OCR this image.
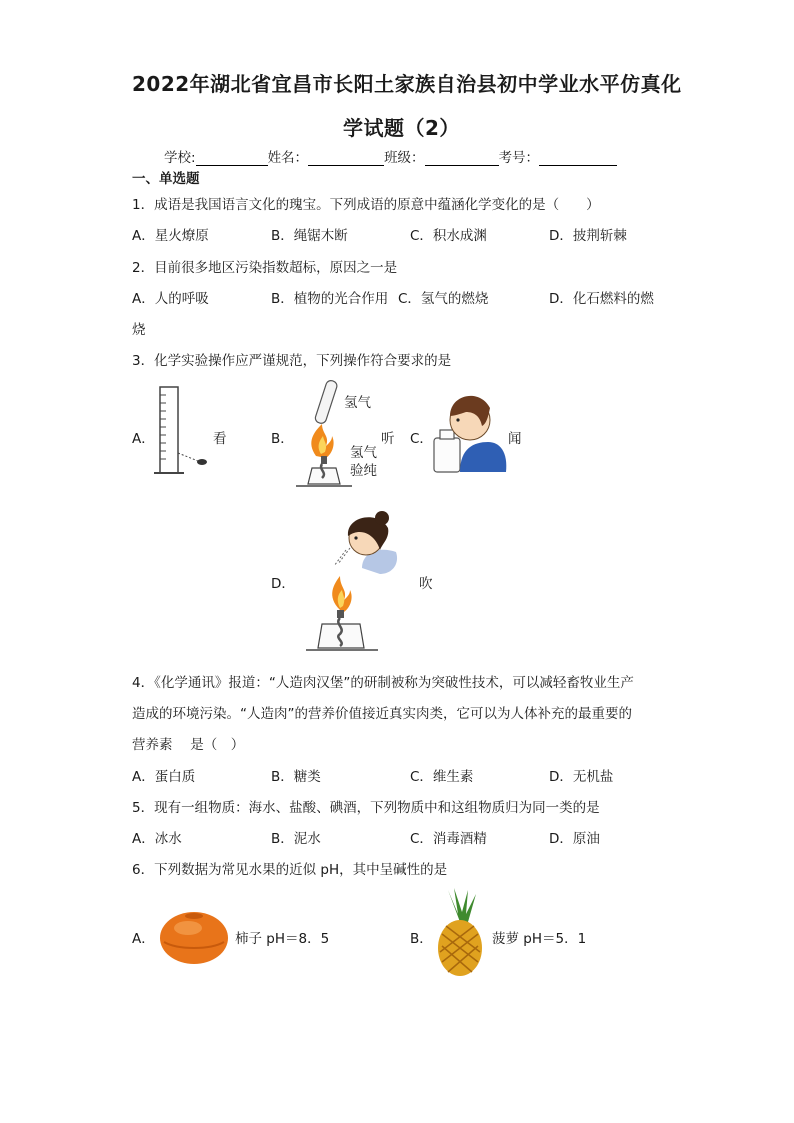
2022年湖北省宜昌市长阳土家族自治县初中学业水平仿真化
学试题（2）
学校:	姓名：	班级：	考号：
一、单选题
1．成语是我国语言文化的瑰宝。下列成语的原意中蕴涵化学变化的是（　　）
A．星火燎原	B．绳锯木断	C．积水成渊	D．披荆斩棘
2．目前很多地区污染指数超标，原因之一是
A．人的呼吸	B．植物的光合作用 C．氢气的燃烧	D．化石燃料的燃
烧
3．化学实验操作应严谨规范，下列操作符合要求的是
A．	看	B．
氢气
氢气
验纯
听 C．	闻
D．	吹
4．《化学通讯》报道：“人造肉汉堡”的研制被称为突破性技术，可以减轻畜牧业生产
造成的环境污染。“人造肉”的营养价值接近真实肉类，它可以为人体补充的最重要的
营养素　 是（　）
A．蛋白质	B．糖类	C．维生素	D．无机盐
5．现有一组物质：海水、盐酸、碘酒，下列物质中和这组物质归为同一类的是
A．冰水	B．泥水	C．消毒酒精	D．原油
6．下列数据为常见水果的近似 pH，其中呈碱性的是
A．	柿子 pH＝8．5	B．	菠萝 pH＝5．1
